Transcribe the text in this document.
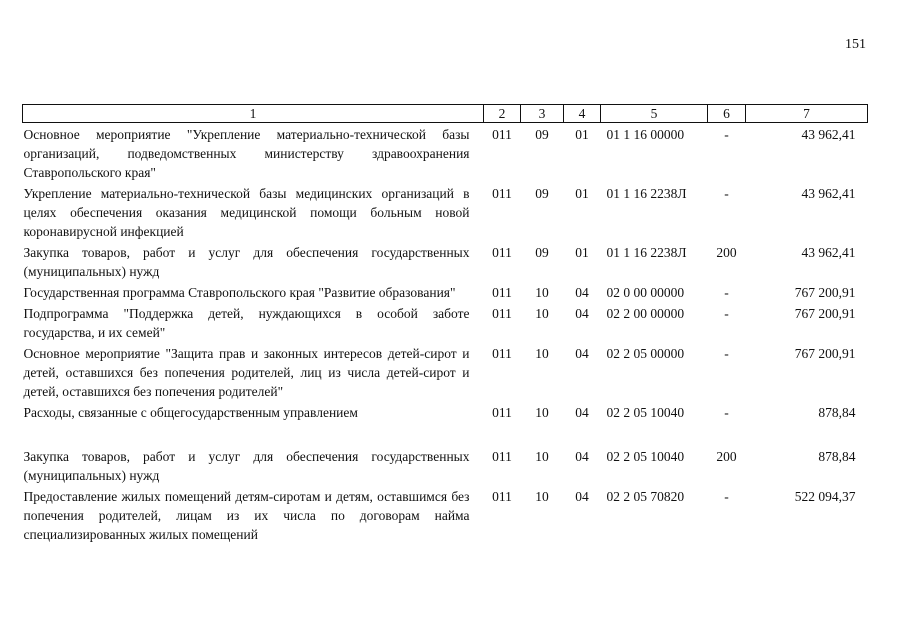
151
1	2	3	4	5	6	7
Основное мероприятие "Укрепление материально-технической базы организаций, подведомственных министерству здравоохранения Ставропольского края"	011	09	01	01 1 16 00000	-	43 962,41
Укрепление материально-технической базы медицинских организаций в целях обеспечения оказания медицинской помощи больным новой коронавирусной инфекцией	011	09	01	01 1 16 2238Л	-	43 962,41
Закупка товаров, работ и услуг для обеспечения государственных (муниципальных) нужд	011	09	01	01 1 16 2238Л	200	43 962,41
Государственная программа Ставропольского края "Развитие образования"	011	10	04	02 0 00 00000	-	767 200,91
Подпрограмма "Поддержка детей, нуждающихся в особой заботе государства, и их семей"	011	10	04	02 2 00 00000	-	767 200,91
Основное мероприятие "Защита прав и законных интересов детей-сирот и детей, оставшихся без попечения родителей, лиц из числа детей-сирот и детей, оставшихся без попечения родителей"	011	10	04	02 2 05 00000	-	767 200,91
Расходы, связанные с общегосударственным управлением	011	10	04	02 2 05 10040	-	878,84
Закупка товаров, работ и услуг для обеспечения государственных (муниципальных) нужд	011	10	04	02 2 05 10040	200	878,84
Предоставление жилых помещений детям-сиротам и детям, оставшимся без попечения родителей, лицам из их числа по договорам найма специализированных жилых помещений	011	10	04	02 2 05 70820	-	522 094,37
